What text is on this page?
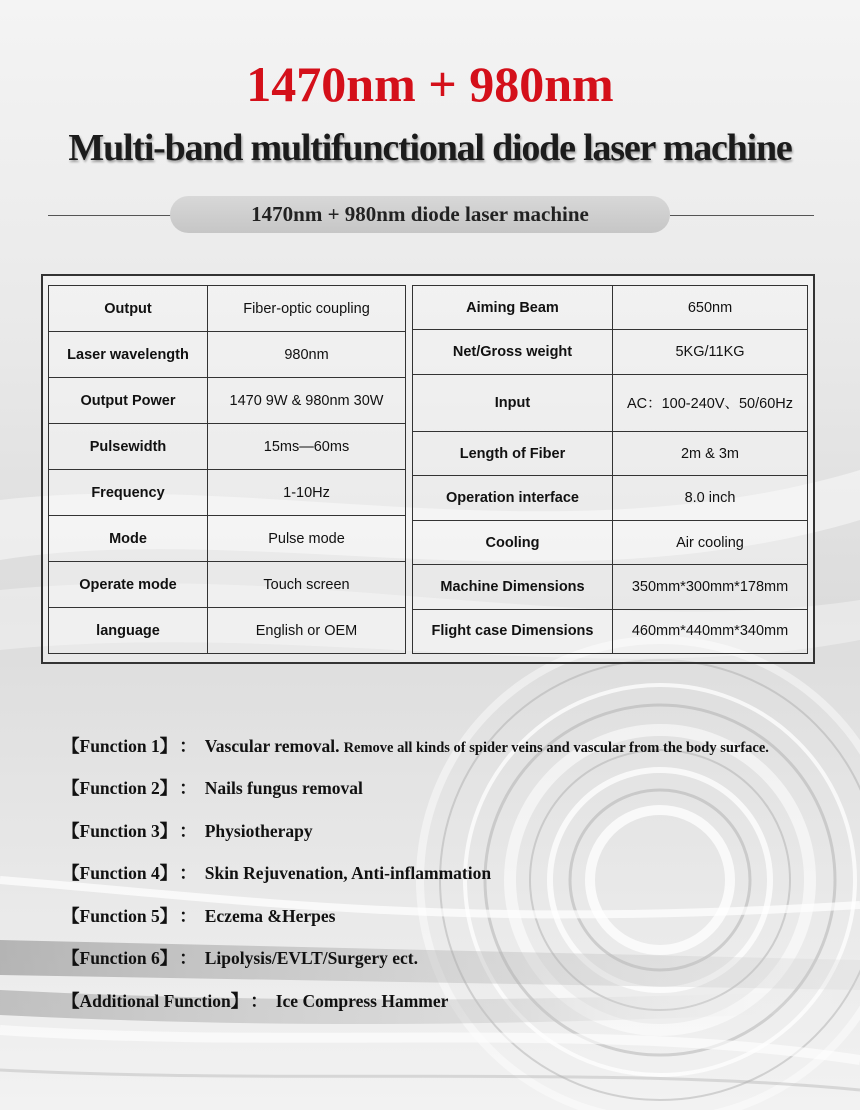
1470nm + 980nm
Multi-band multifunctional diode laser machine
1470nm + 980nm diode laser machine
Output	Fiber-optic coupling
Laser wavelength	980nm
Output Power	1470 9W & 980nm 30W
Pulsewidth	15ms—60ms
Frequency	1-10Hz
Mode	Pulse mode
Operate mode	Touch screen
language	English or OEM
Aiming Beam	650nm
Net/Gross weight	5KG/11KG
Input	AC：100-240V、50/60Hz
Length of Fiber	2m & 3m
Operation interface	8.0 inch
Cooling	Air cooling
Machine Dimensions	350mm*300mm*178mm
Flight case Dimensions	460mm*440mm*340mm
【Function 1】 ： Vascular removal. Remove all kinds of spider veins and vascular from the body surface.
【Function 2】 ： Nails fungus removal
【Function 3】 ： Physiotherapy
【Function 4】 ： Skin Rejuvenation, Anti-inflammation
【Function 5】 ： Eczema &Herpes
【Function 6】 ： Lipolysis/EVLT/Surgery ect.
【Additional Function】 ： Ice Compress Hammer
